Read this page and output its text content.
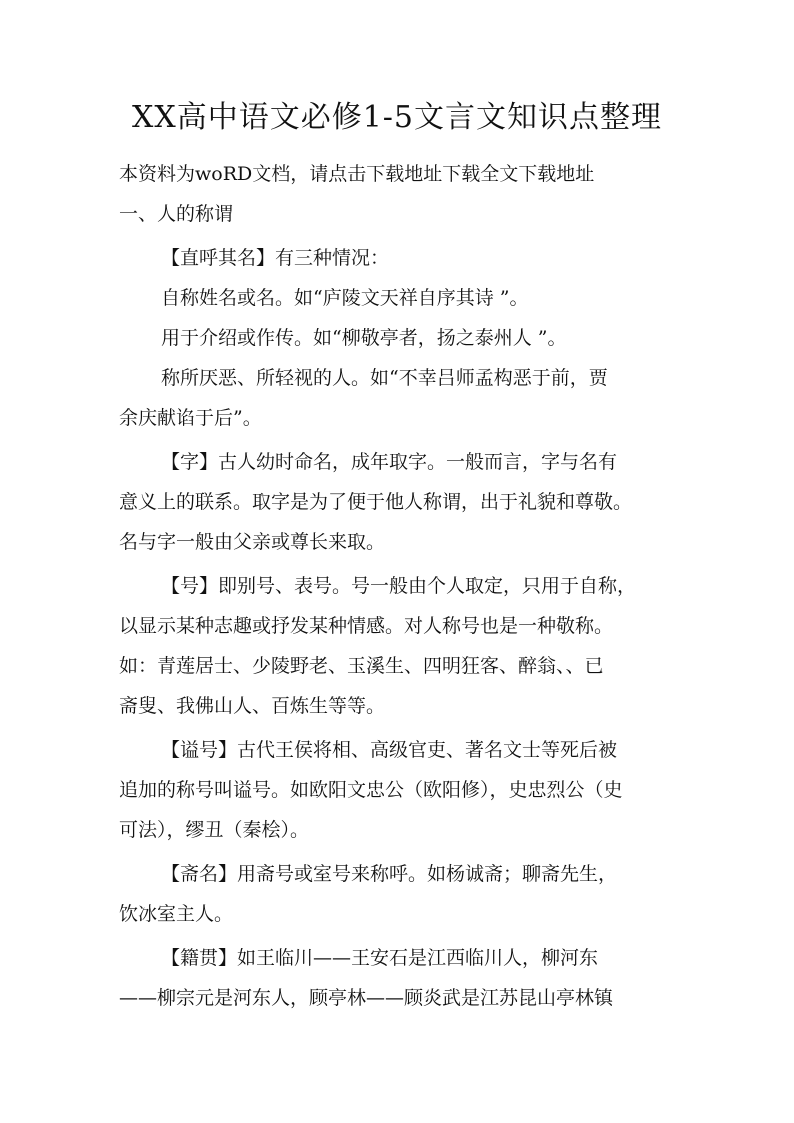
XX高中语文必修1-5文言文知识点整理

本资料为woRD文档，请点击下载地址下载全文下载地址

一、人的称谓

【直呼其名】有三种情况：

自称姓名或名。如“庐陵文天祥自序其诗 ”。

用于介绍或作传。如“柳敬亭者，扬之泰州人 ”。

称所厌恶、所轻视的人。如“不幸吕师孟构恶于前，贾

余庆献谄于后”。

【字】古人幼时命名，成年取字。一般而言，字与名有

意义上的联系。取字是为了便于他人称谓，出于礼貌和尊敬。

名与字一般由父亲或尊长来取。

【号】即别号、表号。号一般由个人取定，只用于自称，

以显示某种志趣或抒发某种情感。对人称号也是一种敬称。

如：青莲居士、少陵野老、玉溪生、四明狂客、醉翁、、已

斋叟、我佛山人、百炼生等等。

【谥号】古代王侯将相、高级官吏、著名文士等死后被

追加的称号叫谥号。如欧阳文忠公（欧阳修），史忠烈公（史

可法），缪丑（秦桧）。

【斋名】用斋号或室号来称呼。如杨诚斋；聊斋先生，

饮冰室主人。

【籍贯】如王临川——王安石是江西临川人，柳河东

——柳宗元是河东人，顾亭林——顾炎武是江苏昆山亭林镇
